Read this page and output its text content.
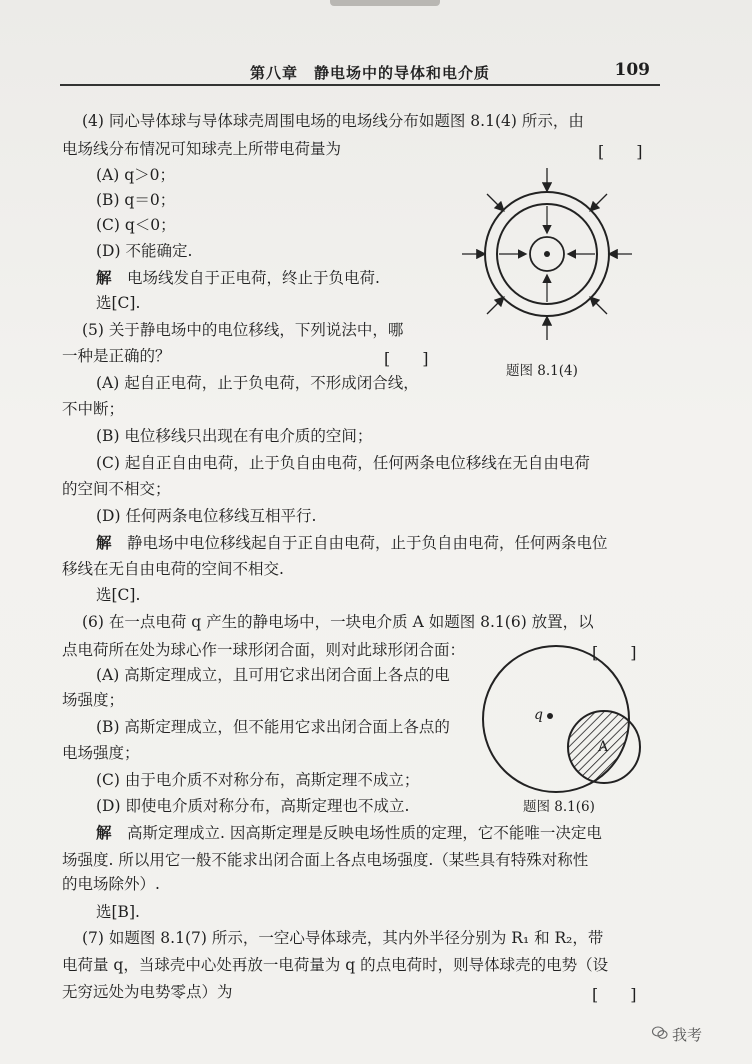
第八章　静电场中的导体和电介质	109
(4) 同心导体球与导体球壳周围电场的电场线分布如题图 8.1(4) 所示，由
电场线分布情况可知球壳上所带电荷量为	[　　]
(A) q＞0；
(B) q＝0；
(C) q＜0；
(D) 不能确定.
解　 电场线发自于正电荷，终止于负电荷.
选[C].
题图 8.1(4)
(5) 关于静电场中的电位移线，下列说法中，哪
一种是正确的？	[　　]
(A) 起自正电荷，止于负电荷，不形成闭合线，
不中断；
(B) 电位移线只出现在有电介质的空间；
(C) 起自正自由电荷，止于负自由电荷，任何两条电位移线在无自由电荷
的空间不相交；
(D) 任何两条电位移线互相平行.
解　 静电场中电位移线起自于正自由电荷，止于负自由电荷，任何两条电位
移线在无自由电荷的空间不相交.
选[C].
(6) 在一点电荷 q 产生的静电场中，一块电介质 A 如题图 8.1(6) 放置，以
点电荷所在处为球心作一球形闭合面，则对此球形闭合面：	[　　]
(A) 高斯定理成立，且可用它求出闭合面上各点的电
场强度；
(B) 高斯定理成立，但不能用它求出闭合面上各点的
电场强度；
(C) 由于电介质不对称分布，高斯定理不成立；
(D) 即使电介质对称分布，高斯定理也不成立.
解　 高斯定理成立. 因高斯定理是反映电场性质的定理，它不能唯一决定电
场强度. 所以用它一般不能求出闭合面上各点电场强度.（某些具有特殊对称性
的电场除外）.
选[B].
q
A
题图 8.1(6)
(7) 如题图 8.1(7) 所示，一空心导体球壳，其内外半径分别为 R₁ 和 R₂，带
电荷量 q，当球壳中心处再放一电荷量为 q 的点电荷时，则导体球壳的电势（设
无穷远处为电势零点）为	[　　]
我考
